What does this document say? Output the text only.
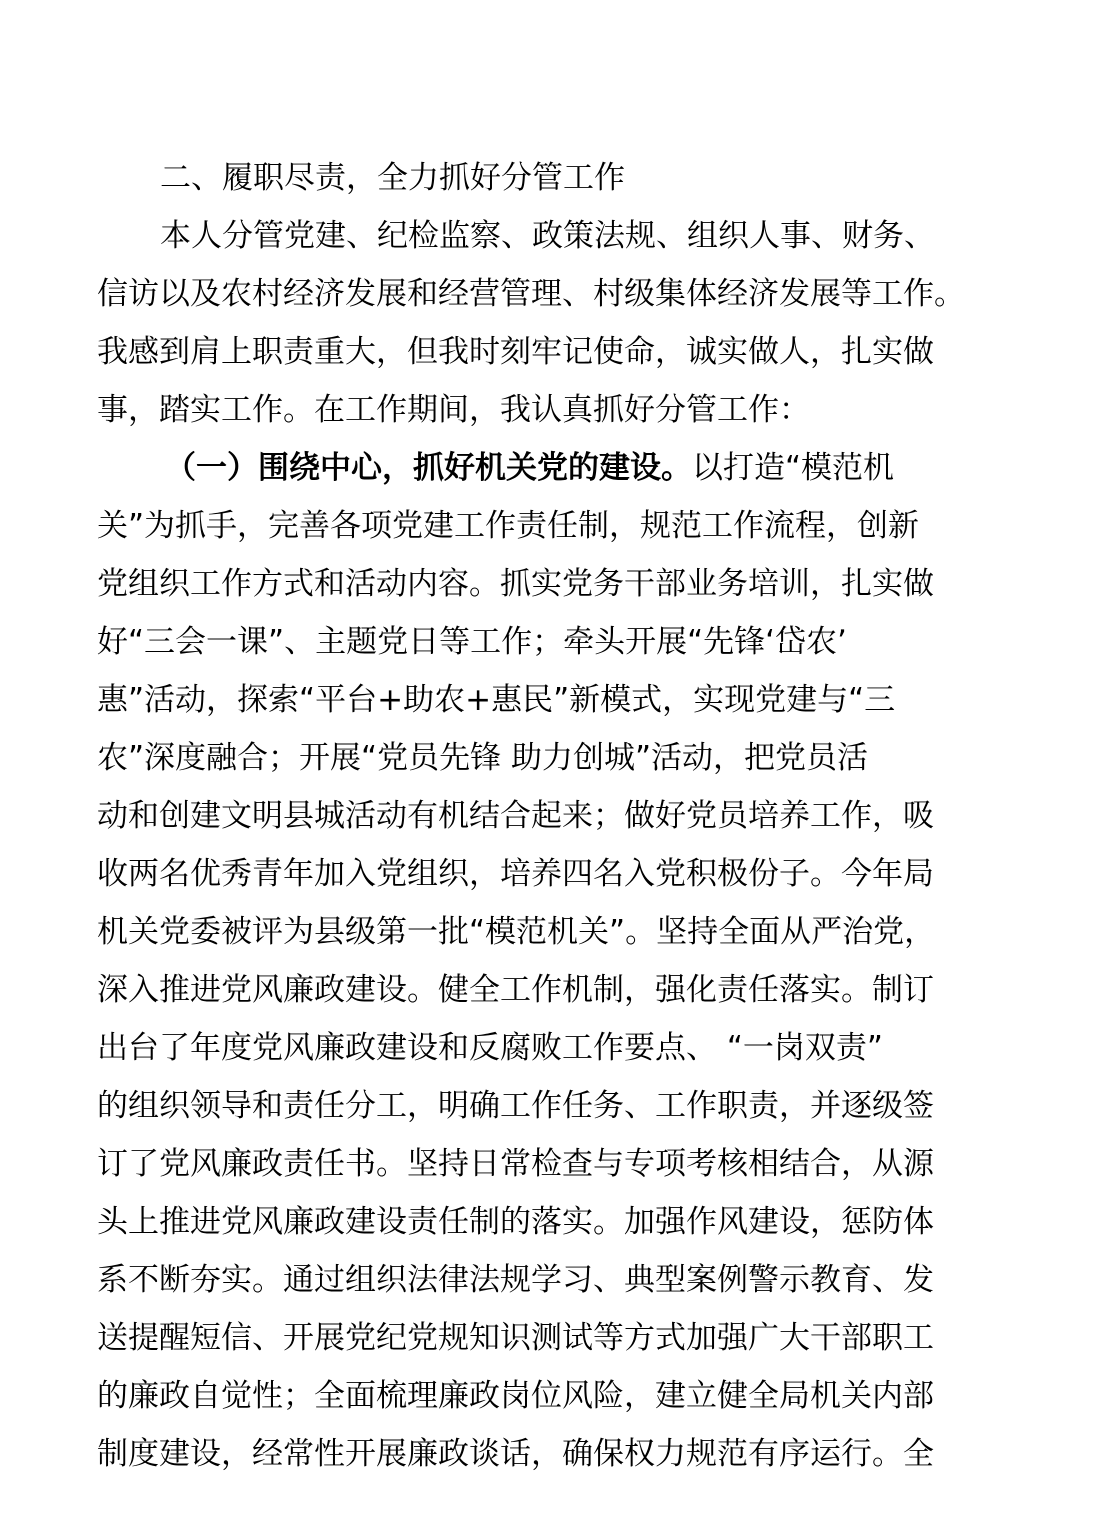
二、履职尽责，全力抓好分管工作
本人分管党建、纪检监察、政策法规、组织人事、财务、
信访以及农村经济发展和经营管理、村级集体经济发展等工作。
我感到肩上职责重大，但我时刻牢记使命，诚实做人，扎实做
事，踏实工作。在工作期间，我认真抓好分管工作：
（一）围绕中心，抓好机关党的建设。以打造“模范机
关”为抓手，完善各项党建工作责任制，规范工作流程，创新
党组织工作方式和活动内容。抓实党务干部业务培训，扎实做
好“三会一课”、主题党日等工作；牵头开展“先锋‘岱农’
惠”活动，探索“平台+助农+惠民”新模式，实现党建与“三
农”深度融合；开展“党员先锋 助力创城”活动，把党员活
动和创建文明县城活动有机结合起来；做好党员培养工作，吸
收两名优秀青年加入党组织，培养四名入党积极份子。今年局
机关党委被评为县级第一批“模范机关”。坚持全面从严治党，
深入推进党风廉政建设。健全工作机制，强化责任落实。制订
出台了年度党风廉政建设和反腐败工作要点、 “一岗双责”
的组织领导和责任分工，明确工作任务、工作职责，并逐级签
订了党风廉政责任书。坚持日常检查与专项考核相结合，从源
头上推进党风廉政建设责任制的落实。加强作风建设，惩防体
系不断夯实。通过组织法律法规学习、典型案例警示教育、发
送提醒短信、开展党纪党规知识测试等方式加强广大干部职工
的廉政自觉性；全面梳理廉政岗位风险，建立健全局机关内部
制度建设，经常性开展廉政谈话，确保权力规范有序运行。全
